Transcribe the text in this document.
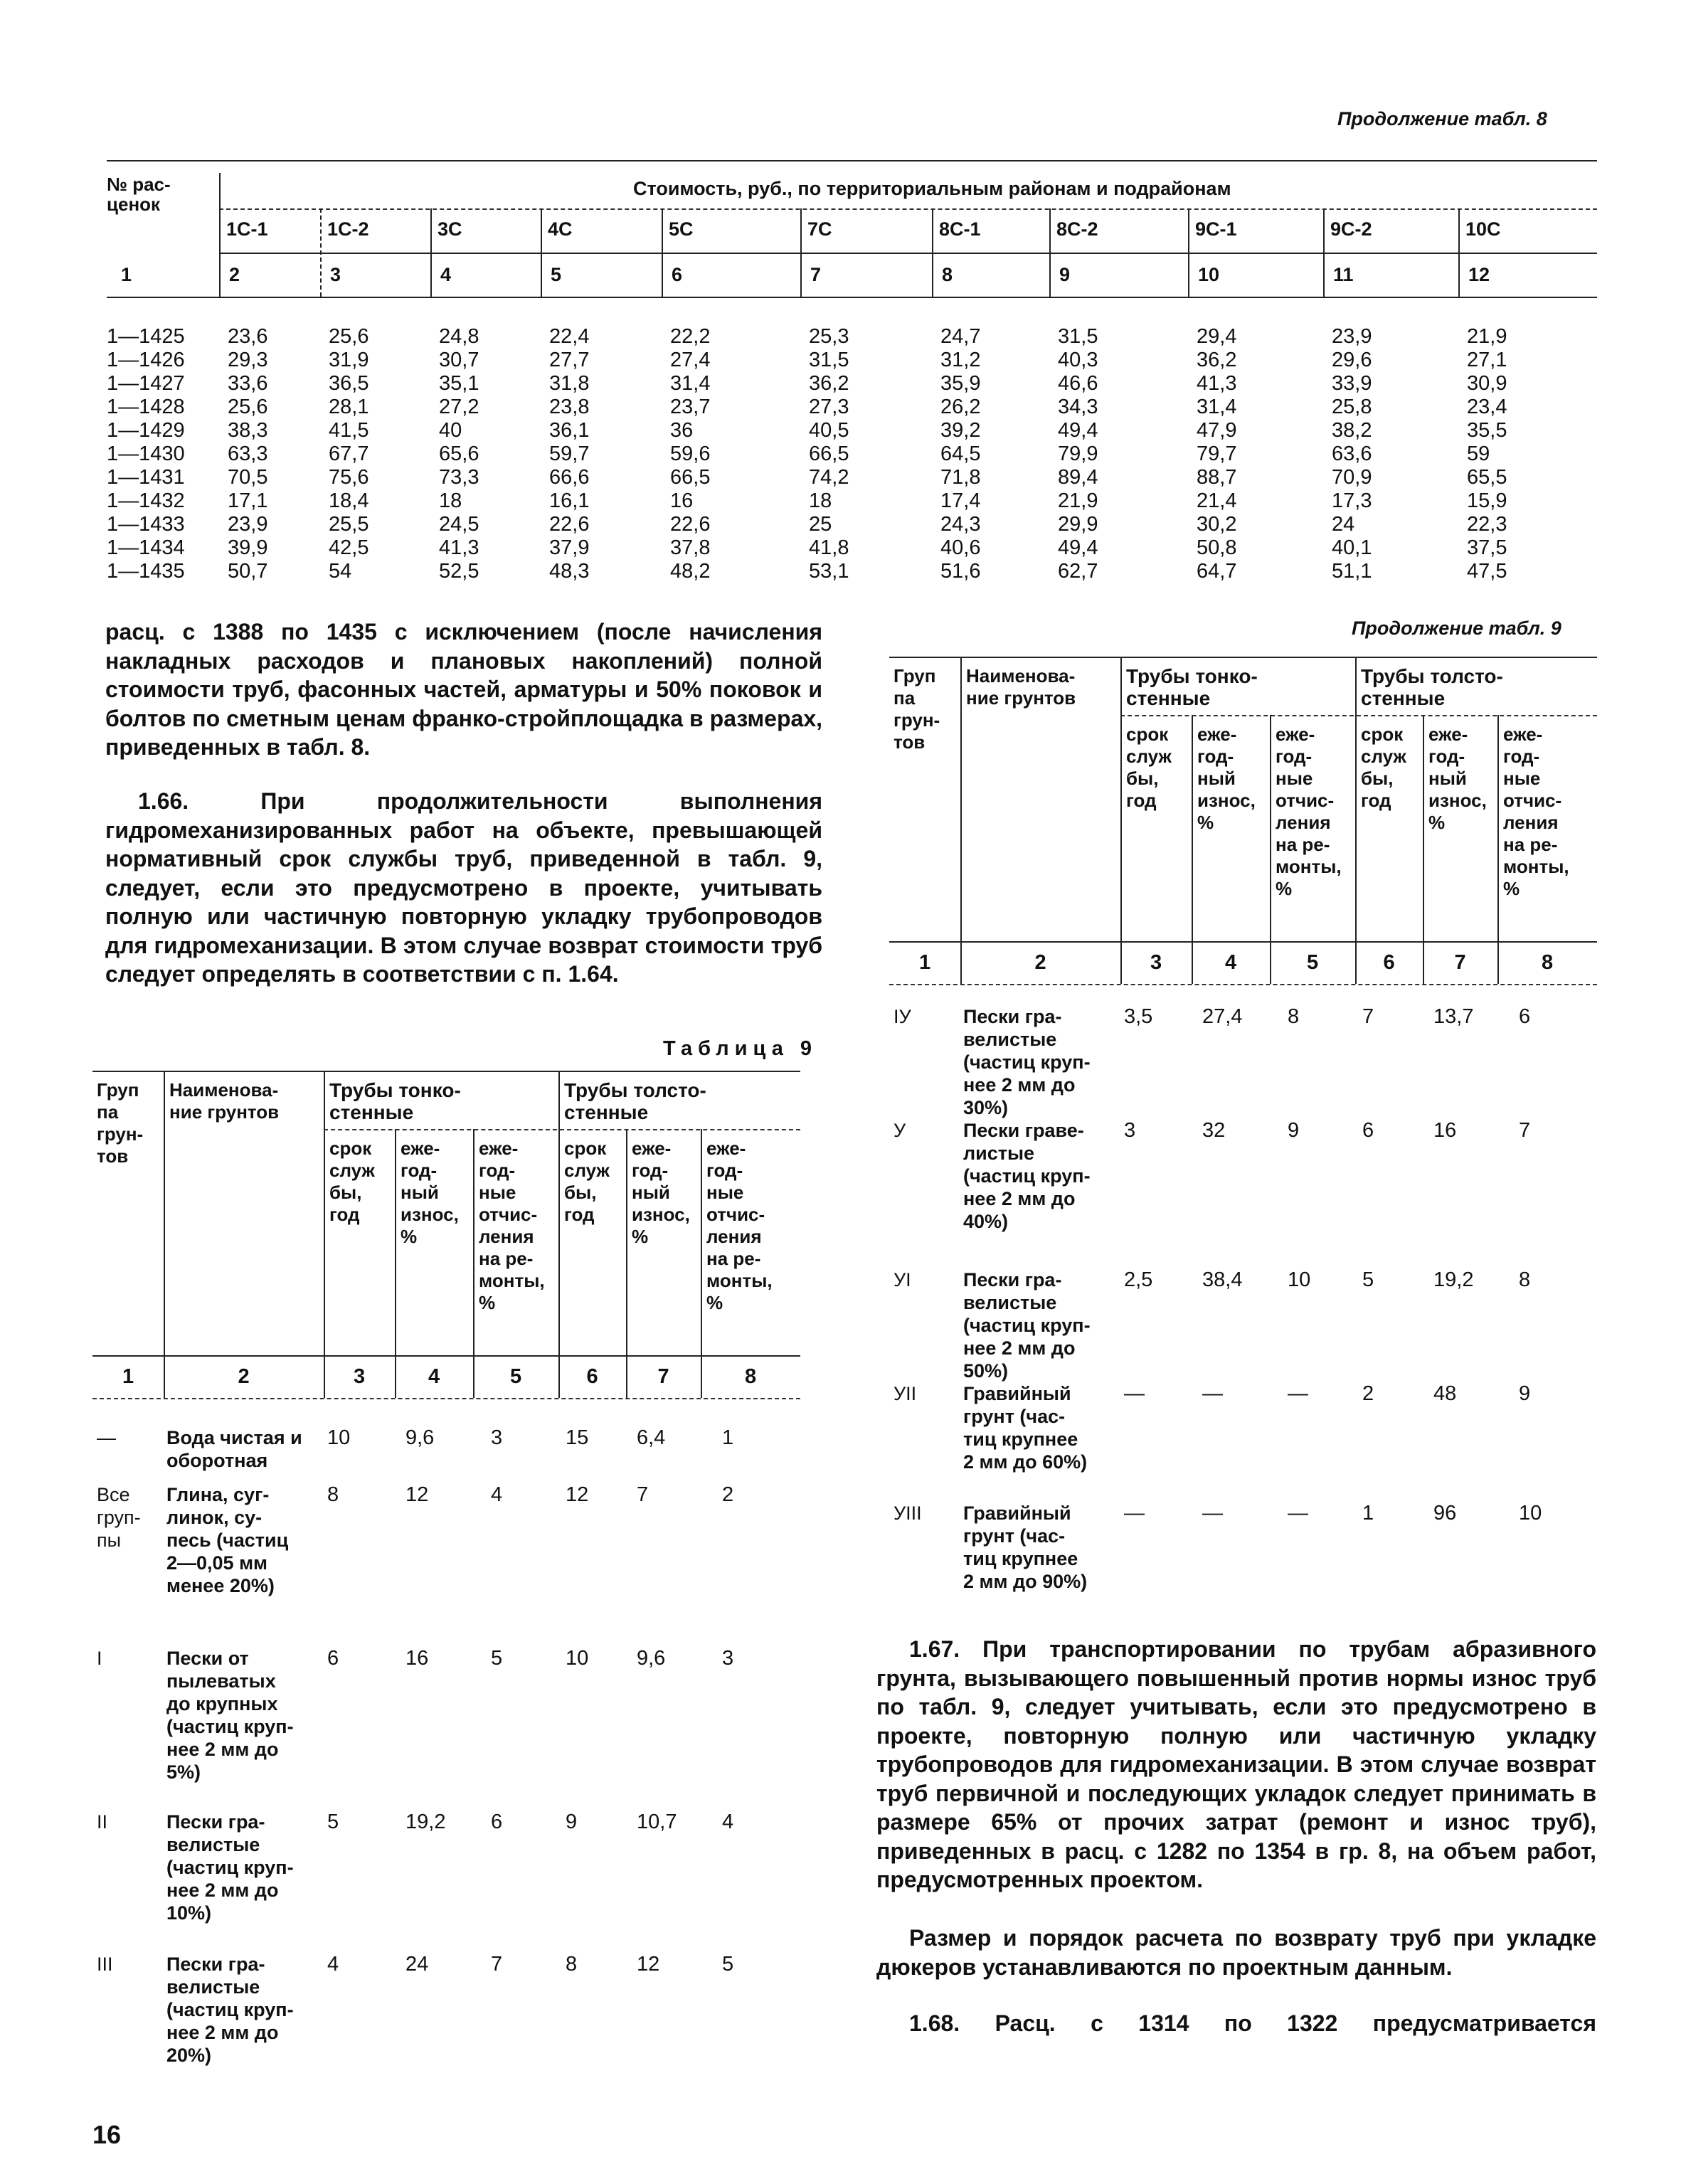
Продолжение табл. 8
№ рас-
ценок
Стоимость, руб., по территориальным районам и подрайонам
1С-1	1С-2	3С	4С	5С	7С	8С-1	8С-2	9С-1	9С-2	10С
1	2	3	4	5	6	7	8	9	10	11	12
1—1425 23,6	25,6	24,8	22,4	22,2	25,3	24,7	31,5	29,4	23,9	21,9
1—1426 29,3	31,9	30,7	27,7	27,4	31,5	31,2	40,3	36,2	29,6	27,1
1—1427 33,6	36,5	35,1	31,8	31,4	36,2	35,9	46,6	41,3	33,9	30,9
1—1428 25,6	28,1	27,2	23,8	23,7	27,3	26,2	34,3	31,4	25,8	23,4
1—1429 38,3	41,5	40	36,1	36	40,5	39,2	49,4	47,9	38,2	35,5
1—1430 63,3	67,7	65,6	59,7	59,6	66,5	64,5	79,9	79,7	63,6	59
1—1431 70,5	75,6	73,3	66,6	66,5	74,2	71,8	89,4	88,7	70,9	65,5
1—1432 17,1	18,4	18	16,1	16	18	17,4	21,9	21,4	17,3	15,9
1—1433 23,9	25,5	24,5	22,6	22,6	25	24,3	29,9	30,2	24	22,3
1—1434 39,9	42,5	41,3	37,9	37,8	41,8	40,6	49,4	50,8	40,1	37,5
1—1435 50,7	54	52,5	48,3	48,2	53,1	51,6	62,7	64,7	51,1	47,5
расц. с 1388 по 1435 с исключением (после начисления накладных расходов и плановых накоплений) полной стоимости труб, фасонных частей, арматуры и 50% поковок и болтов по сметным ценам франко-стройплощадка в размерах, приведенных в табл. 8.
1.66.	При продолжительности выполнения гидромеханизированных работ на объекте, превышающей нормативный срок службы труб, приведенной в табл. 9, следует, если это предусмотрено в проекте, учитывать полную или частичную повторную укладку трубопроводов для гидромеханизации. В этом случае возврат стоимости труб следует определять в соответствии с п. 1.64.
Таблица 9
Груп
па
грун-
тов
Наименова-
ние грунтов
Трубы тонко-
стенные
Трубы толсто-
стенные
срок
служ
бы,
год
еже-
год-
ный
износ,
%
еже-
год-
ные
отчис-
ления
на ре-
монты,
%
срок
служ
бы,
год
еже-
год-
ный
износ,
%
еже-
год-
ные
отчис-
ления
на ре-
монты,
%
1	2	3	4	5	6	7	8
—	Вода чистая и
оборотная
10	9,6	3	15 6,4	1
Все
груп-
пы
Глина, суг-
линок, су-
песь (частиц
2—0,05 мм
менее 20%)
8	12	4	12 7	2
I	Пески от
пылеватых
до крупных
(частиц круп-
нее 2 мм до
5%)
6	16	5	10 9,6	3
II	Пески гра-
велистые
(частиц круп-
нее 2 мм до
10%)
5	19,2 6	9	10,7 4
III	Пески гра-
велистые
(частиц круп-
нее 2 мм до
20%)
4	24	7	8	12	5
Продолжение табл. 9
Груп
па
грун-
тов
Наименова-
ние грунтов
Трубы тонко-
стенные
Трубы толсто-
стенные
срок
служ
бы,
год
еже-
год-
ный
износ,
%
еже-
год-
ные
отчис-
ления
на ре-
монты,
%
срок
служ
бы,
год
еже-
год-
ный
износ,
%
еже-
год-
ные
отчис-
ления
на ре-
монты,
%
1	2	3	4	5	6	7	8
IУ	Пески гра-
велистые
(частиц круп-
нее 2 мм до
30%)
3,5 27,4 8	7	13,7 6
У	Пески граве-
листые
(частиц круп-
нее 2 мм до
40%)
3	32	9	6	16	7
УI	Пески гра-
велистые
(частиц круп-
нее 2 мм до
50%)
2,5 38,4 10	5	19,2 8
УII Гравийный
грунт (час-
тиц крупнее
2 мм до 60%)
—	—	—	2	48	9
УIII Гравийный
грунт (час-
тиц крупнее
2 мм до 90%)
—	—	—	1	96	10
1.67. При транспортировании по трубам абразивного грунта, вызывающего повышенный против нормы износ труб по табл. 9, следует учитывать, если это предусмотрено в проекте, повторную полную или частичную укладку трубопроводов для гидромеханизации. В этом случае возврат труб первичной и последующих укладок следует принимать в размере 65% от прочих затрат (ремонт и износ труб), приведенных в расц. с 1282 по 1354 в гр. 8, на объем работ, предусмотренных проектом.
Размер и порядок расчета по возврату труб при укладке дюкеров устанавливаются по проектным данным.
1.68. Расц. с 1314 по 1322 предусматривается
16
